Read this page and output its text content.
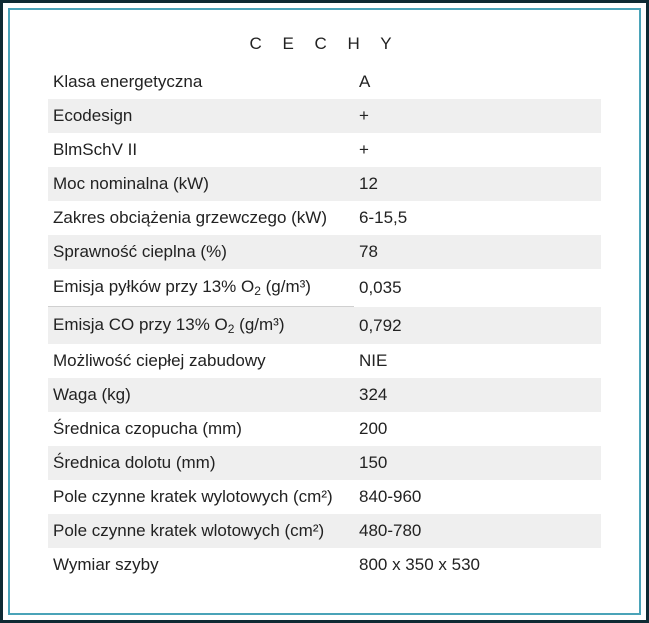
C E C H Y
Klasa energetyczna	A
Ecodesign	+
BlmSchV II	+
Moc nominalna (kW)	12
Zakres obciążenia grzewczego (kW)	6-15,5
Sprawność cieplna (%)	78
Emisja pyłków przy 13% $O_2$ (g/m³)	0,035
Emisja CO przy 13% $O_2$ (g/m³)	0,792
Możliwość ciepłej zabudowy	NIE
Waga (kg)	324
Średnica czopucha (mm)	200
Średnica dolotu (mm)	150
Pole czynne kratek wylotowych (cm²)	840-960
Pole czynne kratek wlotowych (cm²)	480-780
Wymiar szyby	800 x 350 x 530
